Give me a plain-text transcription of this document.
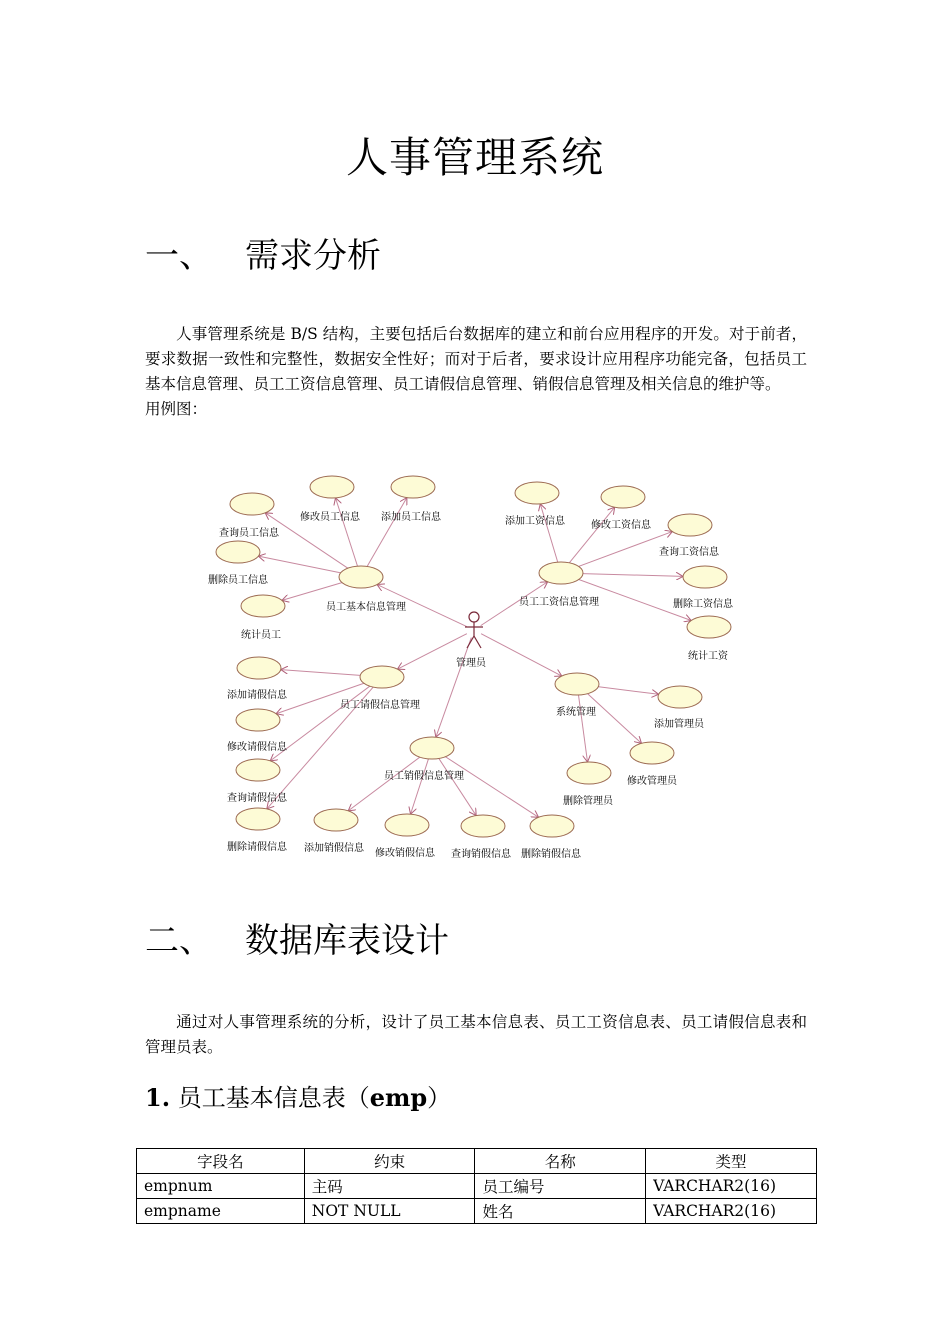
人事管理系统
一、 需求分析
人事管理系统是 B/S 结构，主要包括后台数据库的建立和前台应用程序的开发。对于前者，要求数据一致性和完整性，数据安全性好；而对于后者，要求设计应用程序功能完备，包括员工基本信息管理、员工工资信息管理、员工请假信息管理、销假信息管理及相关信息的维护等。
用例图：
员工基本信息管理
修改员工信息 添加员工信息
查询员工信息
删除员工信息
统计员工
员工工资信息管理
添加工资信息	修改工资信息
查询工资信息
删除工资信息
统计工资
员工请假信息管理
添加请假信息
修改请假信息
查询请假信息
删除请假信息
员工销假信息管理
添加销假信息 修改销假信息 查询销假信息 删除销假信息
系统管理
添加管理员
修改管理员
删除管理员
管理员
二、 数据库表设计
通过对人事管理系统的分析，设计了员工基本信息表、员工工资信息表、员工请假信息表和管理员表。
1. 员工基本信息表（emp）
字段名	约束	名称	类型
empnum	主码	员工编号	VARCHAR2(16)
empname	NOT NULL	姓名	VARCHAR2(16)
